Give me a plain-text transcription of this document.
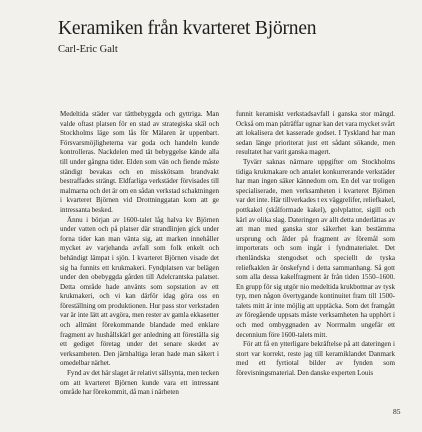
Keramiken från kvarteret Björnen
Carl-Eric Galt

Medeltida städer var tättbebyggda och gyttriga. Man valde oftast platsen för en stad av strategiska skäl och Stockholms läge som lås för Mälaren är uppenbart. Försvarsmöjligheterna var goda och handeln kunde kontrolleras. Nackdelen med tät bebyggelse kände alla till under gångna tider. Elden som vän och fiende måste ständigt bevakas och en misskötsam brandvakt bestraffades strängt. Eldfarliga verkstäder förvisades till malmarna och det är om en sådan verkstad schaktningen i kvarteret Björnen vid Drottninggatan kom att ge intressanta besked.

Ännu i början av 1600-talet låg halva kv Björnen under vatten och på platser där strandlinjen gick under forna tider kan man vänta sig, att marken innehåller mycket av varjehanda avfall som folk enkelt och behändigt lämpat i sjön. I kvarteret Björnen visade det sig ha funnits ett krukmakeri. Fyndplatsen var belägen under den obebyggda gården till Adelcrantska palatset. Detta område hade använts som sopstation av ett krukmakeri, och vi kan därför idag göra oss en föreställning om produktionen. Hur pass stor verkstaden var är inte lätt att avgöra, men rester av gamla ekkasetter och allmänt förekommande blandade med enklare fragment av hushållskärl ger anledning att föreställa sig ett gediget företag under det senare skedet av verksamheten. Den järnhaltiga leran hade man säkert i omedelbar närhet.

Fynd av det här slaget är relativt sällsynta, men tecken om att kvarteret Björnen kunde vara ett intressant område har förekommit, då man i närheten

funnit keramiskt verkstadsavfall i ganska stor mängd. Också om man påträffar ugnar kan det vara mycket svårt att lokalisera det kasserade godset. I Tyskland har man sedan länge prioriterat just ett sådant sökande, men resultatet har varit ganska magert.

Tyvärr saknas närmare uppgifter om Stockholms tidiga krukmakare och antalet konkurrerande verkstäder har man ingen säker kännedom om. En del var troligen specialiserade, men verksamheten i kvarteret Björnen var det inte. Här tillverkades t ex väggrelifer, reliefkakel, pottkakel (skålformade kakel), golvplattor, sigill och kärl av olika slag. Dateringen av allt detta underlättas av att man med ganska stor säkerhet kan bestämma ursprung och ålder på fragment av föremål som importerats och som ingår i fyndmaterialet. Det rhenländska stengodset och speciellt de tyska reliefkaklen är önskefynd i detta sammanhang. Så gott som alla dessa kakelfragment är från tiden 1550–1600. En grupp för sig utgör nio medeltida krukbottnar av tysk typ, men någon övertygande kontinuitet fram till 1500-talets mitt är inte möjlig att upptäcka. Som det framgått av föregående uppsats måste verksamheten ha upphört i och med ombyggnaden av Norrmalm ungefär ett decennium före 1600-talets mitt.

För att få en ytterligare bekräftelse på att dateringen i stort var korrekt, reste jag till keramiklandet Danmark med ett fyrtiotal bilder av fynden som förevisningsmaterial. Den danske experten Louis

85
